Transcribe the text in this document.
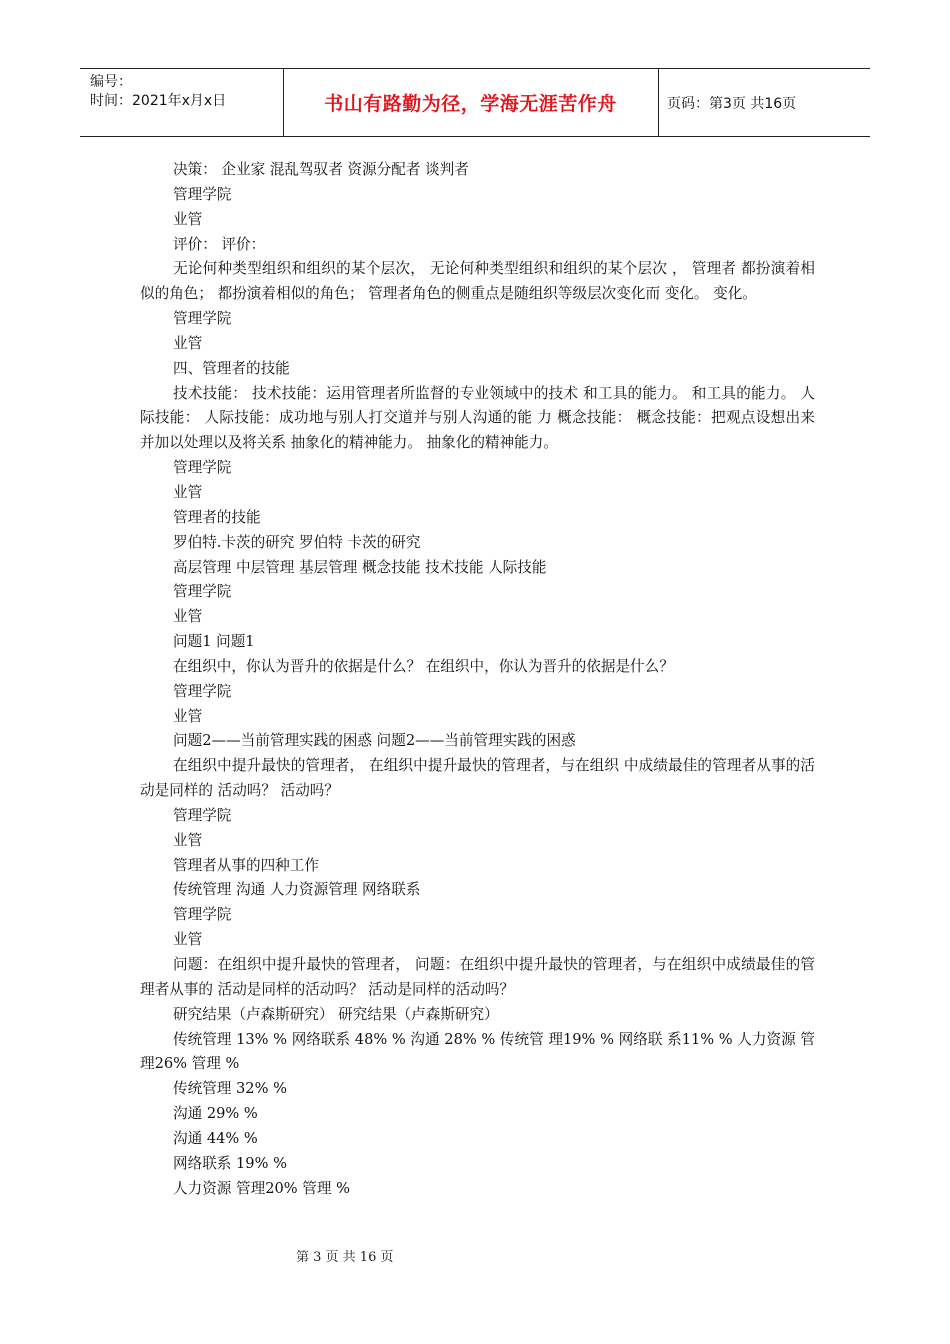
编号：
时间：2021年x月x日	书山有路勤为径，学海无涯苦作舟	页码：第3页 共16页

决策： 企业家 混乱驾驭者 资源分配者 谈判者

管理学院

业管

评价： 评价：

无论何种类型组织和组织的某个层次， 无论何种类型组织和组织的某个层次 ， 管理者 都扮演着相似的角色； 都扮演着相似的角色； 管理者角色的侧重点是随组织等级层次变化而 变化。 变化。

管理学院

业管

四、管理者的技能

技术技能： 技术技能：运用管理者所监督的专业领域中的技术 和工具的能力。 和工具的能力。 人际技能： 人际技能：成功地与别人打交道并与别人沟通的能 力 概念技能： 概念技能：把观点设想出来并加以处理以及将关系 抽象化的精神能力。 抽象化的精神能力。

管理学院

业管

管理者的技能

罗伯特.卡茨的研究 罗伯特 卡茨的研究

高层管理 中层管理 基层管理 概念技能 技术技能 人际技能

管理学院

业管

问题1 问题1

在组织中，你认为晋升的依据是什么？ 在组织中，你认为晋升的依据是什么？

管理学院

业管

问题2——当前管理实践的困惑 问题2——当前管理实践的困惑

在组织中提升最快的管理者， 在组织中提升最快的管理者，与在组织 中成绩最佳的管理者从事的活动是同样的 活动吗？ 活动吗？

管理学院

业管

管理者从事的四种工作

传统管理 沟通 人力资源管理 网络联系

管理学院

业管

问题：在组织中提升最快的管理者， 问题：在组织中提升最快的管理者，与在组织中成绩最佳的管理者从事的 活动是同样的活动吗？ 活动是同样的活动吗？

研究结果（卢森斯研究） 研究结果（卢森斯研究）

传统管理 13% % 网络联系 48% % 沟通 28% % 传统管 理19% % 网络联 系11% % 人力资源 管理26% 管理 %

传统管理 32% %

沟通 29% %

沟通 44% %

网络联系 19% %

人力资源 管理20% 管理 %

第 3 页 共 16 页
